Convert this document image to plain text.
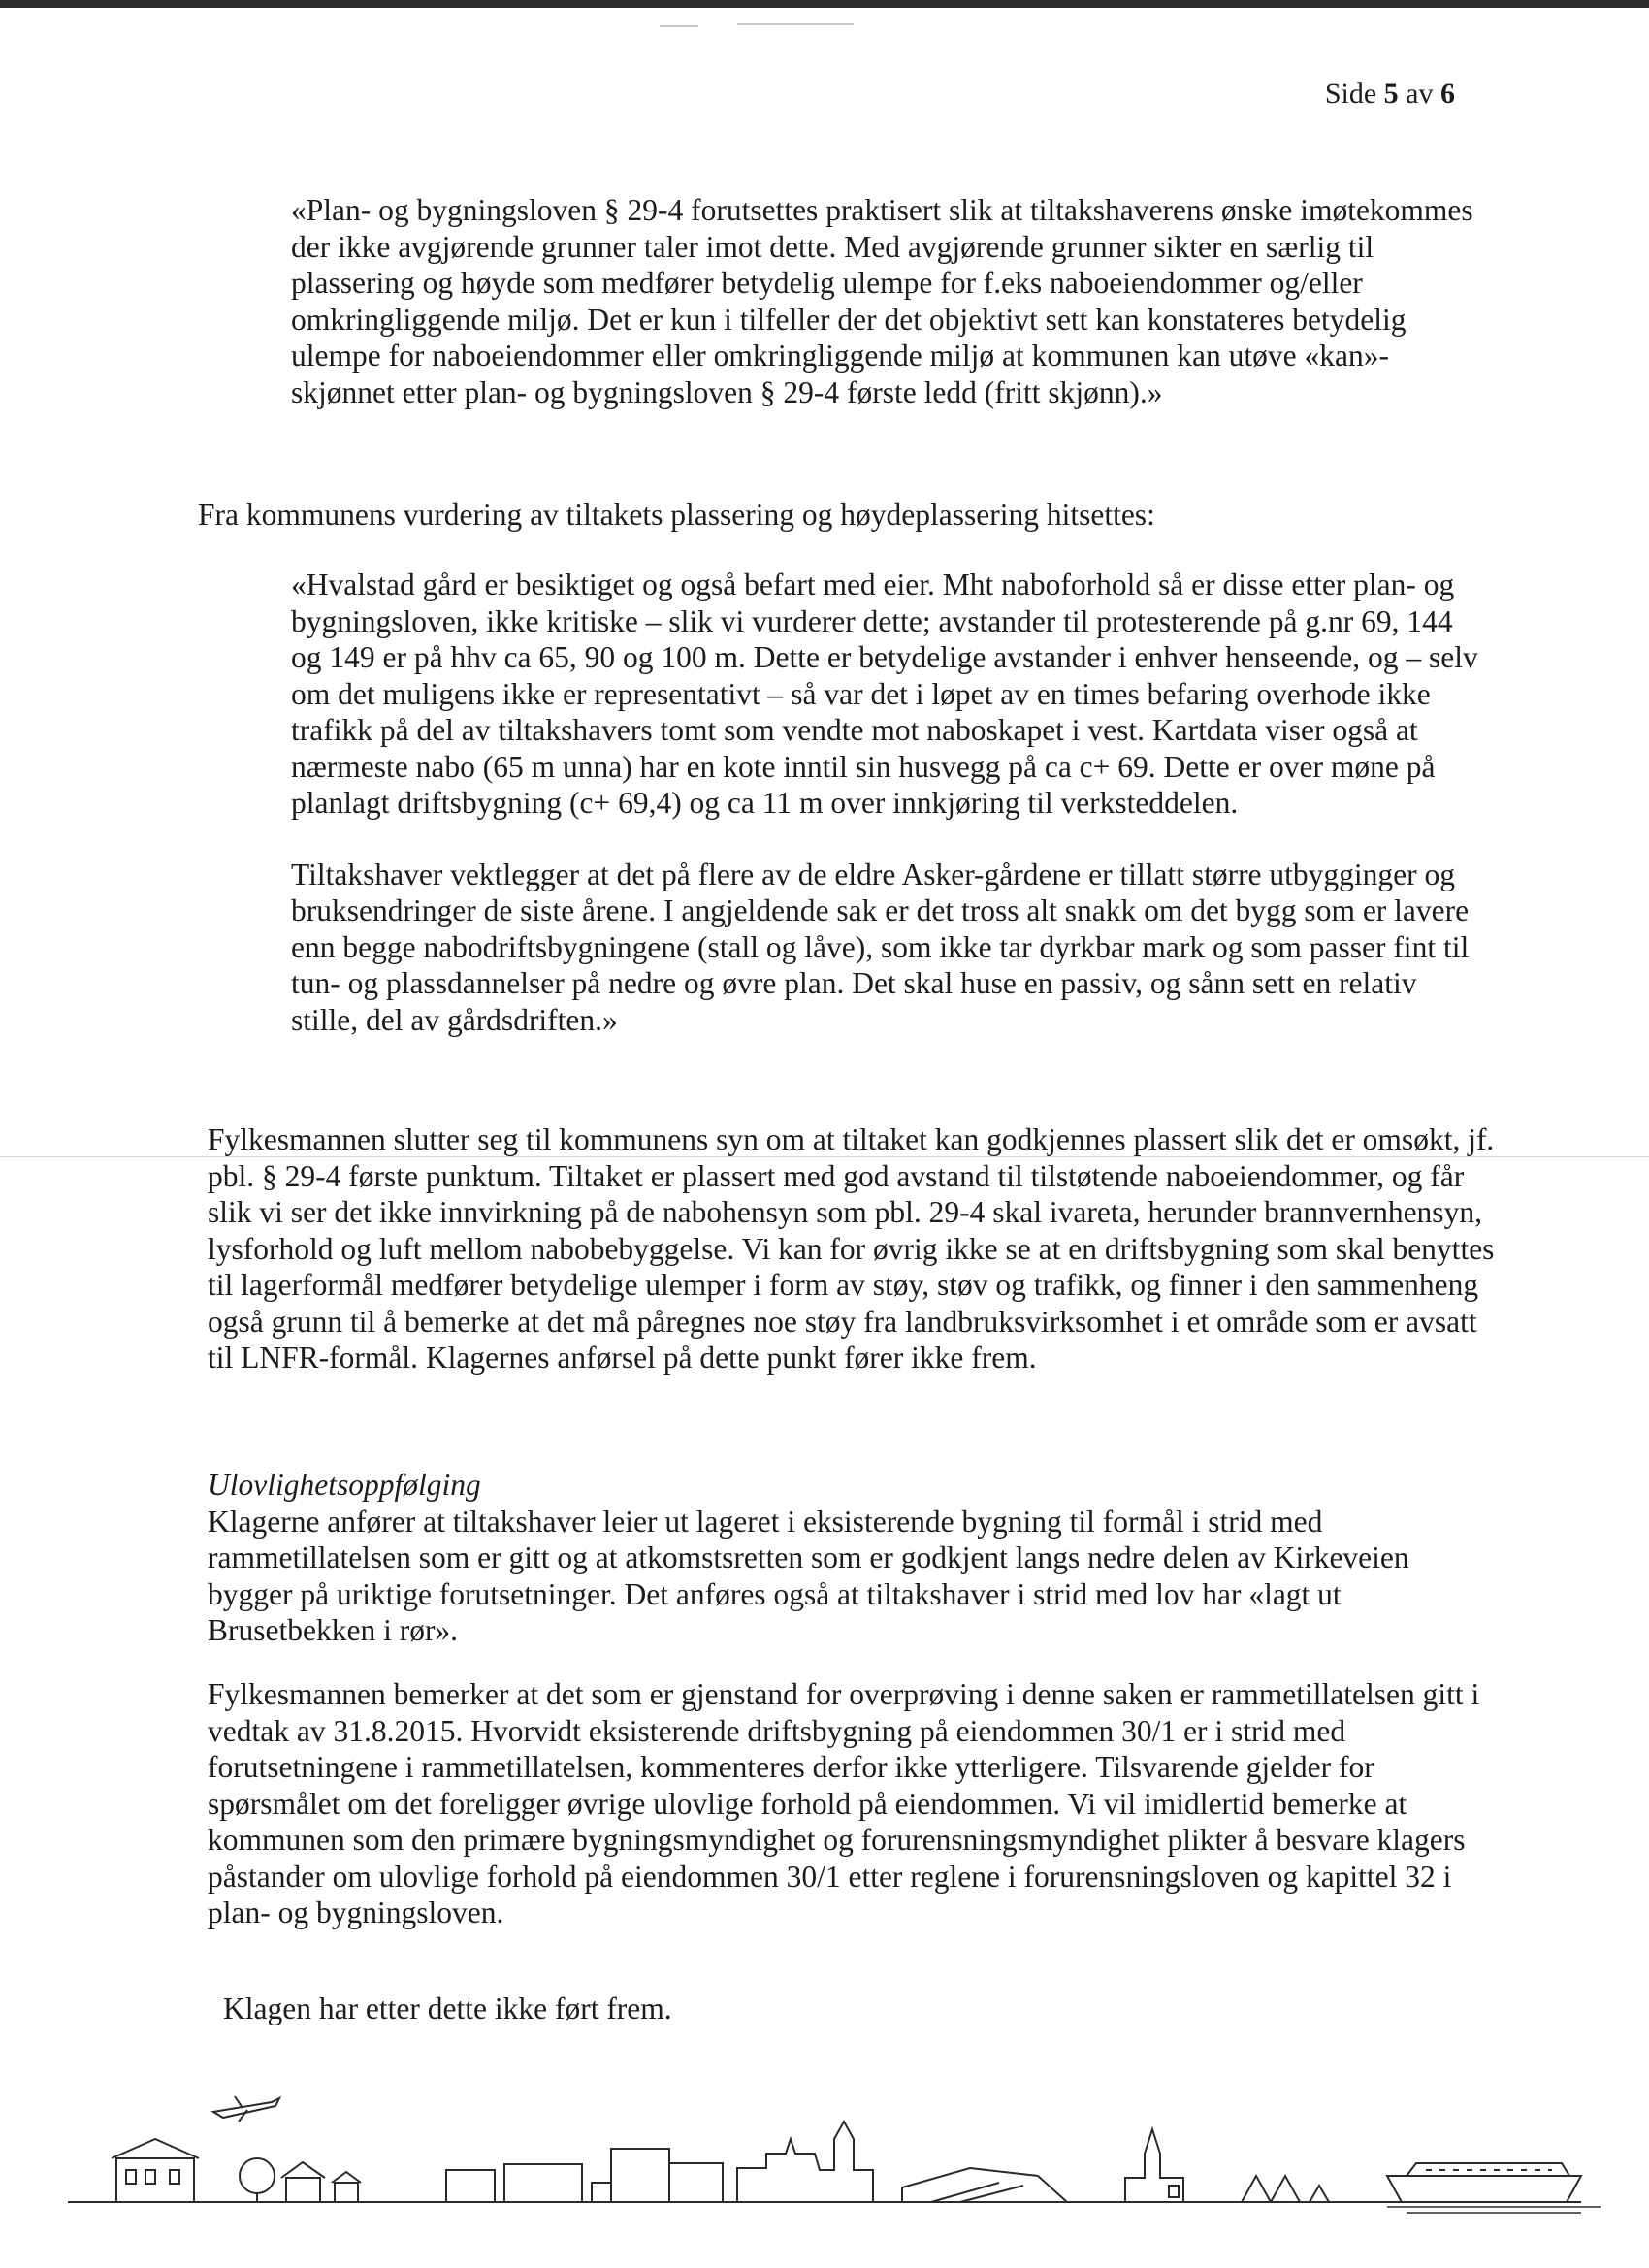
Side 5 av 6

«Plan- og bygningsloven § 29-4 forutsettes praktisert slik at tiltakshaverens ønske imøtekommes der ikke avgjørende grunner taler imot dette. Med avgjørende grunner sikter en særlig til plassering og høyde som medfører betydelig ulempe for f.eks naboeiendommer og/eller omkringliggende miljø. Det er kun i tilfeller der det objektivt sett kan konstateres betydelig ulempe for naboeiendommer eller omkringliggende miljø at kommunen kan utøve «kan»-skjønnet etter plan- og bygningsloven § 29-4 første ledd (fritt skjønn).»

Fra kommunens vurdering av tiltakets plassering og høydeplassering hitsettes:

«Hvalstad gård er besiktiget og også befart med eier. Mht naboforhold så er disse etter plan- og bygningsloven, ikke kritiske – slik vi vurderer dette; avstander til protesterende på g.nr 69, 144 og 149 er på hhv ca 65, 90 og 100 m. Dette er betydelige avstander i enhver henseende, og – selv om det muligens ikke er representativt – så var det i løpet av en times befaring overhode ikke trafikk på del av tiltakshavers tomt som vendte mot naboskapet i vest. Kartdata viser også at nærmeste nabo (65 m unna) har en kote inntil sin husvegg på ca c+ 69. Dette er over møne på planlagt driftsbygning (c+ 69,4) og ca 11 m over innkjøring til verksteddelen.

Tiltakshaver vektlegger at det på flere av de eldre Asker-gårdene er tillatt større utbygginger og bruksendringer de siste årene. I angjeldende sak er det tross alt snakk om det bygg som er lavere enn begge nabodriftsbygningene (stall og låve), som ikke tar dyrkbar mark og som passer fint til tun- og plassdannelser på nedre og øvre plan. Det skal huse en passiv, og sånn sett en relativ stille, del av gårdsdriften.»

Fylkesmannen slutter seg til kommunens syn om at tiltaket kan godkjennes plassert slik det er omsøkt, jf. pbl. § 29-4 første punktum. Tiltaket er plassert med god avstand til tilstøtende naboeiendommer, og får slik vi ser det ikke innvirkning på de nabohensyn som pbl. 29-4 skal ivareta, herunder brannvernhensyn, lysforhold og luft mellom nabobebyggelse. Vi kan for øvrig ikke se at en driftsbygning som skal benyttes til lagerformål medfører betydelige ulemper i form av støy, støv og trafikk, og finner i den sammenheng også grunn til å bemerke at det må påregnes noe støy fra landbruksvirksomhet i et område som er avsatt til LNFR-formål. Klagernes anførsel på dette punkt fører ikke frem.

Ulovlighetsoppfølging

Klagerne anfører at tiltakshaver leier ut lageret i eksisterende bygning til formål i strid med rammetillatelsen som er gitt og at atkomstsretten som er godkjent langs nedre delen av Kirkeveien bygger på uriktige forutsetninger. Det anføres også at tiltakshaver i strid med lov har «lagt ut Brusetbekken i rør».

Fylkesmannen bemerker at det som er gjenstand for overprøving i denne saken er rammetillatelsen gitt i vedtak av 31.8.2015. Hvorvidt eksisterende driftsbygning på eiendommen 30/1 er i strid med forutsetningene i rammetillatelsen, kommenteres derfor ikke ytterligere. Tilsvarende gjelder for spørsmålet om det foreligger øvrige ulovlige forhold på eiendommen. Vi vil imidlertid bemerke at kommunen som den primære bygningsmyndighet og forurensningsmyndighet plikter å besvare klagers påstander om ulovlige forhold på eiendommen 30/1 etter reglene i forurensningsloven og kapittel 32 i plan- og bygningsloven.

Klagen har etter dette ikke ført frem.
